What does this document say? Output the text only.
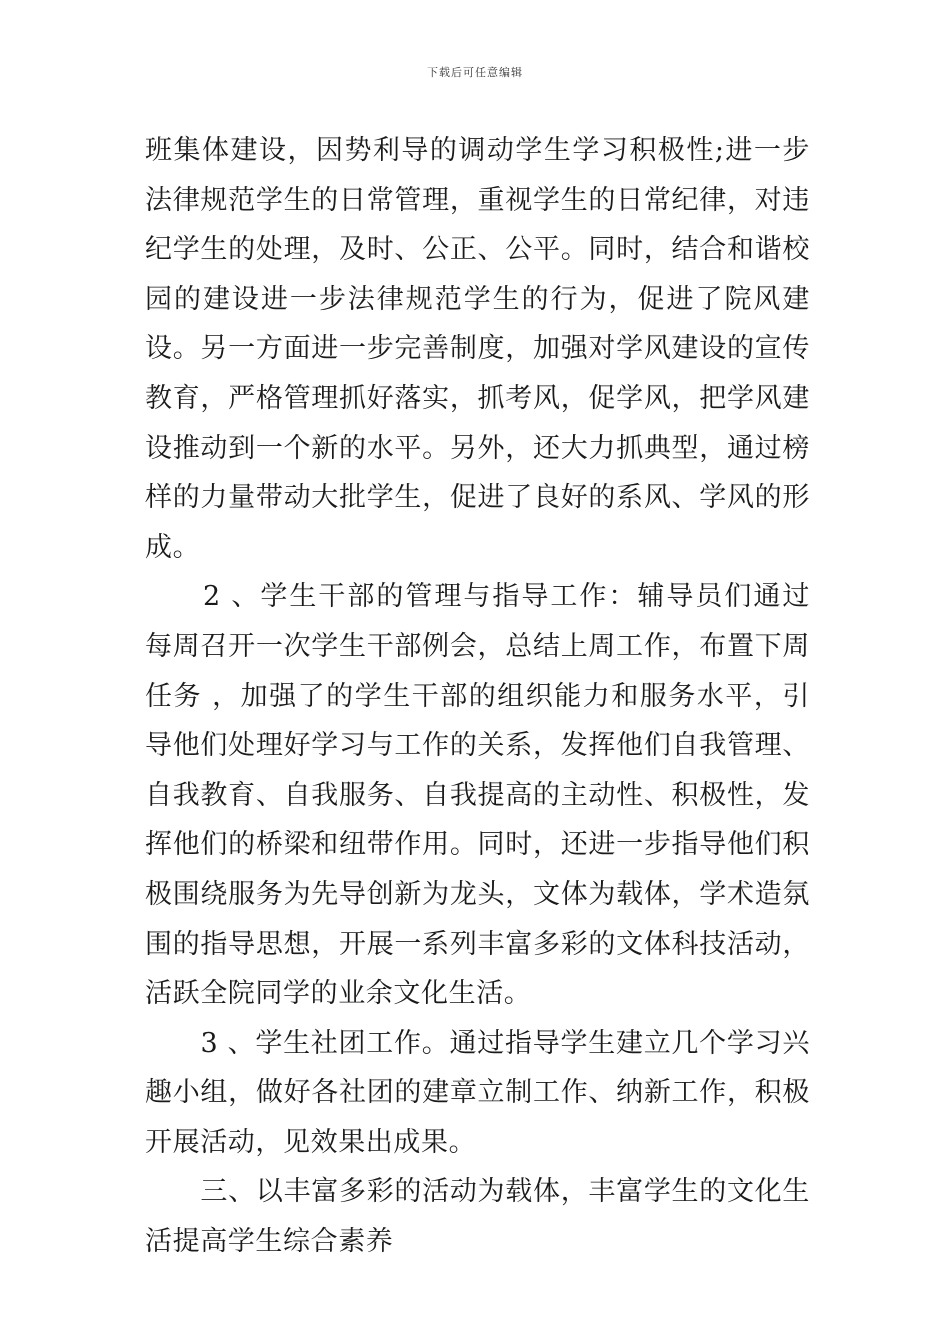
下载后可任意编辑

班集体建设，因势利导的调动学生学习积极性;进一步法律规范学生的日常管理，重视学生的日常纪律，对违纪学生的处理，及时、公正、公平。同时，结合和谐校园的建设进一步法律规范学生的行为，促进了院风建设。另一方面进一步完善制度，加强对学风建设的宣传教育，严格管理抓好落实，抓考风，促学风，把学风建设推动到一个新的水平。另外，还大力抓典型，通过榜样的力量带动大批学生，促进了良好的系风、学风的形成。

　　2 、学生干部的管理与指导工作：辅导员们通过 每周召开一次学生干部例会，总结上周工作，布置下周任务 ，加强了的学生干部的组织能力和服务水平，引导他们处理好学习与工作的关系，发挥他们自我管理、自我教育、自我服务、自我提高的主动性、积极性，发挥他们的桥梁和纽带作用。同时，还进一步指导他们积极围绕服务为先导创新为龙头，文体为载体，学术造氛围的指导思想，开展一系列丰富多彩的文体科技活动，活跃全院同学的业余文化生活。

　　3 、学生社团工作。通过指导学生建立几个学习兴趣小组，做好各社团的建章立制工作、纳新工作，积极开展活动，见效果出成果。

　　三、以丰富多彩的活动为载体，丰富学生的文化生活提高学生综合素养
